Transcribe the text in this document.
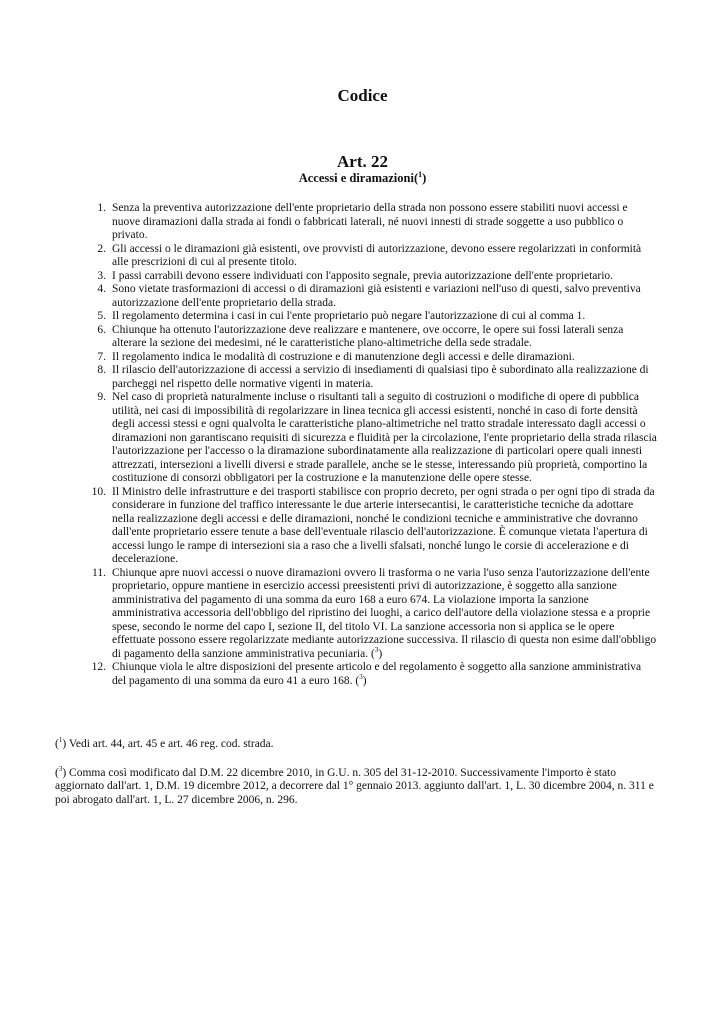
Codice
Art. 22
Accessi e diramazioni($^1$)
1. Senza la preventiva autorizzazione dell'ente proprietario della strada non possono essere stabiliti nuovi accessi e nuove diramazioni dalla strada ai fondi o fabbricati laterali, né nuovi innesti di strade soggette a uso pubblico o privato.
2. Gli accessi o le diramazioni già esistenti, ove provvisti di autorizzazione, devono essere regolarizzati in conformità alle prescrizioni di cui al presente titolo.
3. I passi carrabili devono essere individuati con l'apposito segnale, previa autorizzazione dell'ente proprietario.
4. Sono vietate trasformazioni di accessi o di diramazioni già esistenti e variazioni nell'uso di questi, salvo preventiva autorizzazione dell'ente proprietario della strada.
5. Il regolamento determina i casi in cui l'ente proprietario può negare l'autorizzazione di cui al comma 1.
6. Chiunque ha ottenuto l'autorizzazione deve realizzare e mantenere, ove occorre, le opere sui fossi laterali senza alterare la sezione dei medesimi, né le caratteristiche plano-altimetriche della sede stradale.
7. Il regolamento indica le modalità di costruzione e di manutenzione degli accessi e delle diramazioni.
8. Il rilascio dell'autorizzazione di accessi a servizio di insediamenti di qualsiasi tipo è subordinato alla realizzazione di parcheggi nel rispetto delle normative vigenti in materia.
9. Nel caso di proprietà naturalmente incluse o risultanti tali a seguito di costruzioni o modifiche di opere di pubblica utilità, nei casi di impossibilità di regolarizzare in linea tecnica gli accessi esistenti, nonché in caso di forte densità degli accessi stessi e ogni qualvolta le caratteristiche plano-altimetriche nel tratto stradale interessato dagli accessi o diramazioni non garantiscano requisiti di sicurezza e fluidità per la circolazione, l'ente proprietario della strada rilascia l'autorizzazione per l'accesso o la diramazione subordinatamente alla realizzazione di particolari opere quali innesti attrezzati, intersezioni a livelli diversi e strade parallele, anche se le stesse, interessando più proprietà, comportino la costituzione di consorzi obbligatori per la costruzione e la manutenzione delle opere stesse.
10. Il Ministro delle infrastrutture e dei trasporti stabilisce con proprio decreto, per ogni strada o per ogni tipo di strada da considerare in funzione del traffico interessante le due arterie intersecantisi, le caratteristiche tecniche da adottare nella realizzazione degli accessi e delle diramazioni, nonché le condizioni tecniche e amministrative che dovranno dall'ente proprietario essere tenute a base dell'eventuale rilascio dell'autorizzazione. È comunque vietata l'apertura di accessi lungo le rampe di intersezioni sia a raso che a livelli sfalsati, nonché lungo le corsie di accelerazione e di decelerazione.
11. Chiunque apre nuovi accessi o nuove diramazioni ovvero li trasforma o ne varia l'uso senza l'autorizzazione dell'ente proprietario, oppure mantiene in esercizio accessi preesistenti privi di autorizzazione, è soggetto alla sanzione amministrativa del pagamento di una somma da euro 168 a euro 674. La violazione importa la sanzione amministrativa accessoria dell'obbligo del ripristino dei luoghi, a carico dell'autore della violazione stessa e a proprie spese, secondo le norme del capo I, sezione II, del titolo VI. La sanzione accessoria non si applica se le opere effettuate possono essere regolarizzate mediante autorizzazione successiva. Il rilascio di questa non esime dall'obbligo di pagamento della sanzione amministrativa pecuniaria. ($^3$)
12. Chiunque viola le altre disposizioni del presente articolo e del regolamento è soggetto alla sanzione amministrativa del pagamento di una somma da euro 41 a euro 168. ($^3$)

($^1$) Vedi art. 44, art. 45 e art. 46 reg. cod. strada.

($^3$) Comma così modificato dal D.M. 22 dicembre 2010, in G.U. n. 305 del 31-12-2010. Successivamente l'importo è stato aggiornato dall'art. 1, D.M. 19 dicembre 2012, a decorrere dal 1° gennaio 2013. aggiunto dall'art. 1, L. 30 dicembre 2004, n. 311 e poi abrogato dall'art. 1, L. 27 dicembre 2006, n. 296.
